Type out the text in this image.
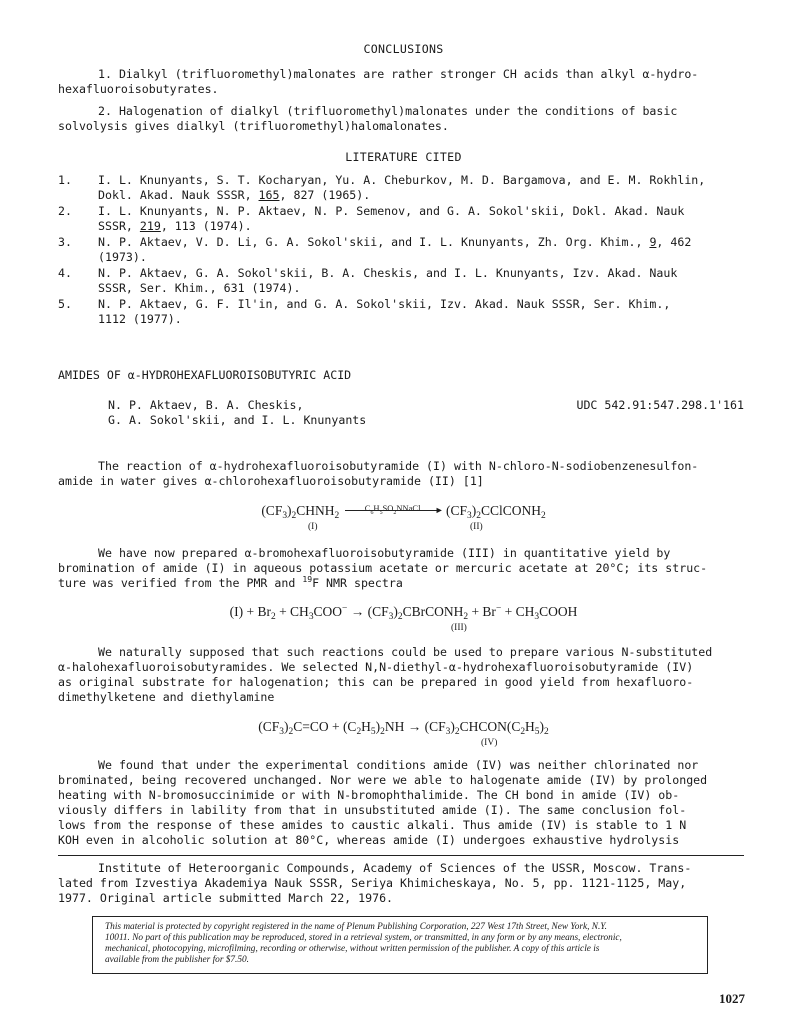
CONCLUSIONS
1. Dialkyl (trifluoromethyl)malonates are rather stronger CH acids than alkyl α-hydro-
hexafluoroisobutyrates.
2. Halogenation of dialkyl (trifluoromethyl)malonates under the conditions of basic
solvolysis gives dialkyl (trifluoromethyl)halomalonates.
LITERATURE CITED
1. I. L. Knunyants, S. T. Kocharyan, Yu. A. Cheburkov, M. D. Bargamova, and E. M. Rokhlin,
Dokl. Akad. Nauk SSSR, 165, 827 (1965).
2. I. L. Knunyants, N. P. Aktaev, N. P. Semenov, and G. A. Sokol'skii, Dokl. Akad. Nauk
SSSR, 219, 113 (1974).
3. N. P. Aktaev, V. D. Li, G. A. Sokol'skii, and I. L. Knunyants, Zh. Org. Khim., 9, 462
(1973).
4. N. P. Aktaev, G. A. Sokol'skii, B. A. Cheskis, and I. L. Knunyants, Izv. Akad. Nauk
SSSR, Ser. Khim., 631 (1974).
5. N. P. Aktaev, G. F. Il'in, and G. A. Sokol'skii, Izv. Akad. Nauk SSSR, Ser. Khim.,
1112 (1977).
AMIDES OF α-HYDROHEXAFLUOROISOBUTYRIC ACID
N. P. Aktaev, B. A. Cheskis,
G. A. Sokol'skii, and I. L. Knunyants
UDC 542.91:547.298.1'161
The reaction of α-hydrohexafluoroisobutyramide (I) with N-chloro-N-sodiobenzenesulfon-
amide in water gives α-chlorohexafluoroisobutyramide (II) [1]
$(CF_3)_2CHNH_2$
$C_6H_5SO_2NNaCl$	► $(CF_3)_2CClCONH_2$
(I)	(II)
We have now prepared α-bromohexafluoroisobutyramide (III) in quantitative yield by
bromination of amide (I) in aqueous potassium acetate or mercuric acetate at 20°C; its struc-
ture was verified from the PMR and $^{19}$F NMR spectra
$(I) + Br_2 + CH_3COO^-$ → $(CF_3)_2CBrCONH_2 + Br^-$ + $CH_3COOH$
(III)
We naturally supposed that such reactions could be used to prepare various N-substituted
α-halohexafluoroisobutyramides. We selected N,N-diethyl-α-hydrohexafluoroisobutyramide (IV)
as original substrate for halogenation; this can be prepared in good yield from hexafluoro-
dimethylketene and diethylamine
$(CF_3)_2C=CO + (C_2H_5)_2NH$ → $(CF_3)_2CHCON(C_2H_5)_2$
(IV)
We found that under the experimental conditions amide (IV) was neither chlorinated nor
brominated, being recovered unchanged. Nor were we able to halogenate amide (IV) by prolonged
heating with N-bromosuccinimide or with N-bromophthalimide. The CH bond in amide (IV) ob-
viously differs in lability from that in unsubstituted amide (I). The same conclusion fol-
lows from the response of these amides to caustic alkali. Thus amide (IV) is stable to 1 N
KOH even in alcoholic solution at 80°C, whereas amide (I) undergoes exhaustive hydrolysis
Institute of Heteroorganic Compounds, Academy of Sciences of the USSR, Moscow. Trans-
lated from Izvestiya Akademiya Nauk SSSR, Seriya Khimicheskaya, No. 5, pp. 1121-1125, May,
1977. Original article submitted March 22, 1976.
This material is protected by copyright registered in the name of Plenum Publishing Corporation, 227 West 17th Street, New York, N.Y.
10011. No part of this publication may be reproduced, stored in a retrieval system, or transmitted, in any form or by any means, electronic,
mechanical, photocopying, microfilming, recording or otherwise, without written permission of the publisher. A copy of this article is
available from the publisher for $7.50.
1027
